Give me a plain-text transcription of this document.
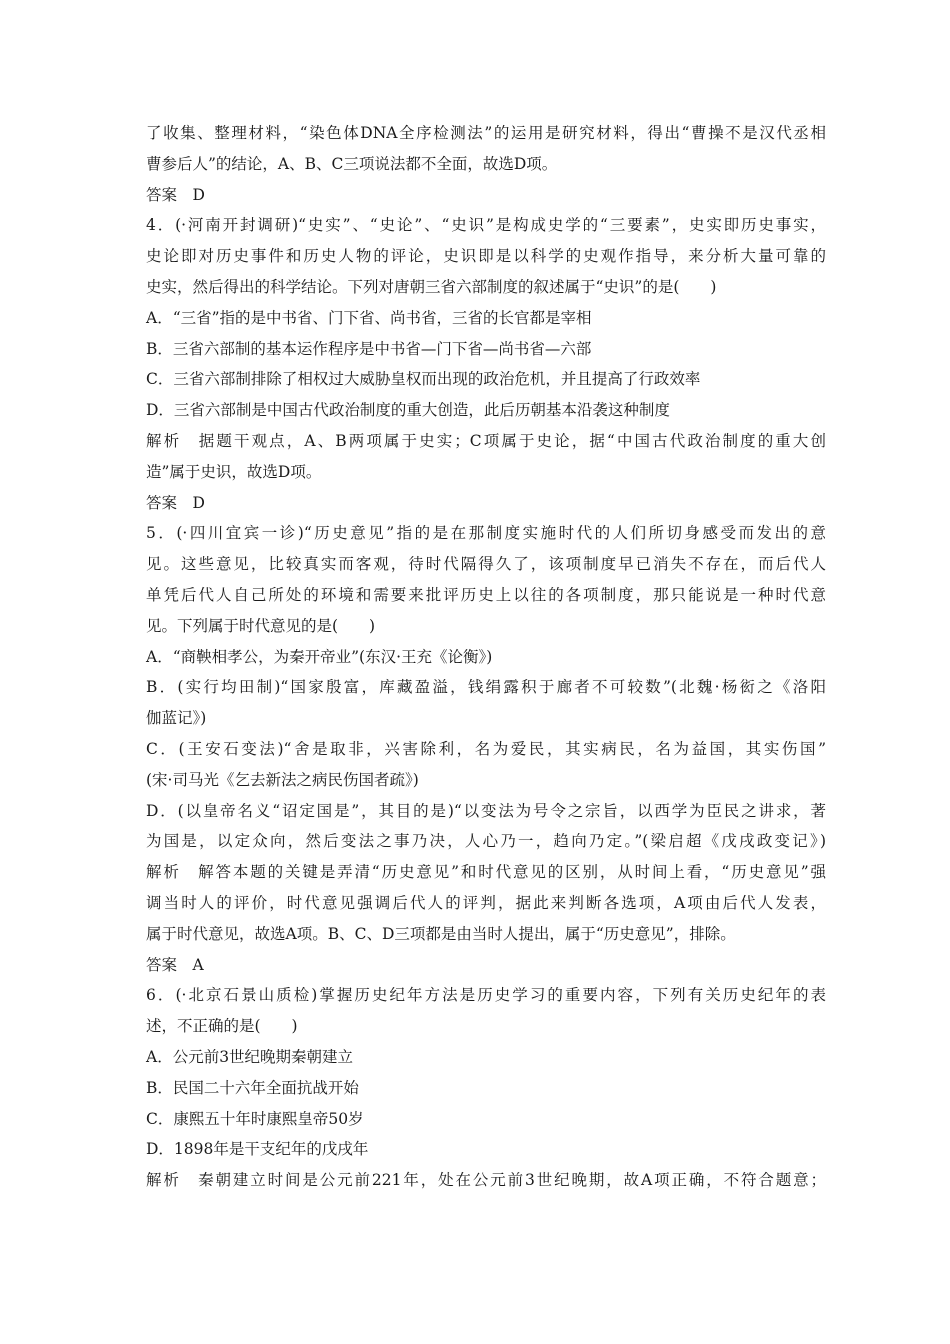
了收集、整理材料，“染色体DNA全序检测法”的运用是研究材料，得出“曹操不是汉代丞相
曹参后人”的结论，A、B、C三项说法都不全面，故选D项。
答案　D
4．(·河南开封调研)“史实”、“史论”、“史识”是构成史学的“三要素”，史实即历史事实，
史论即对历史事件和历史人物的评论，史识即是以科学的史观作指导，来分析大量可靠的
史实，然后得出的科学结论。下列对唐朝三省六部制度的叙述属于“史识”的是(　　)
A．“三省”指的是中书省、门下省、尚书省，三省的长官都是宰相
B．三省六部制的基本运作程序是中书省—门下省—尚书省—六部
C．三省六部制排除了相权过大威胁皇权而出现的政治危机，并且提高了行政效率
D．三省六部制是中国古代政治制度的重大创造，此后历朝基本沿袭这种制度
解析　据题干观点，A、B两项属于史实；C项属于史论，据“中国古代政治制度的重大创
造”属于史识，故选D项。
答案　D
5．(·四川宜宾一诊)“历史意见”指的是在那制度实施时代的人们所切身感受而发出的意
见。这些意见，比较真实而客观，待时代隔得久了，该项制度早已消失不存在，而后代人
单凭后代人自己所处的环境和需要来批评历史上以往的各项制度，那只能说是一种时代意
见。下列属于时代意见的是(　　)
A．“商鞅相孝公，为秦开帝业”(东汉·王充《论衡》)
B．(实行均田制)“国家殷富，库藏盈溢，钱绢露积于廊者不可较数”(北魏·杨衒之《洛阳
伽蓝记》)
C．(王安石变法)“舍是取非，兴害除利，名为爱民，其实病民，名为益国，其实伤国”
(宋·司马光《乞去新法之病民伤国者疏》)
D．(以皇帝名义“诏定国是”，其目的是)“以变法为号令之宗旨，以西学为臣民之讲求，著
为国是，以定众向，然后变法之事乃决，人心乃一，趋向乃定。”(梁启超《戊戌政变记》)
解析　解答本题的关键是弄清“历史意见”和时代意见的区别，从时间上看，“历史意见”强
调当时人的评价，时代意见强调后代人的评判，据此来判断各选项，A项由后代人发表，
属于时代意见，故选A项。B、C、D三项都是由当时人提出，属于“历史意见”，排除。
答案　A
6．(·北京石景山质检)掌握历史纪年方法是历史学习的重要内容，下列有关历史纪年的表
述，不正确的是(　　)
A．公元前3世纪晚期秦朝建立
B．民国二十六年全面抗战开始
C．康熙五十年时康熙皇帝50岁
D．1898年是干支纪年的戊戌年
解析　秦朝建立时间是公元前221年，处在公元前3世纪晚期，故A项正确，不符合题意；
